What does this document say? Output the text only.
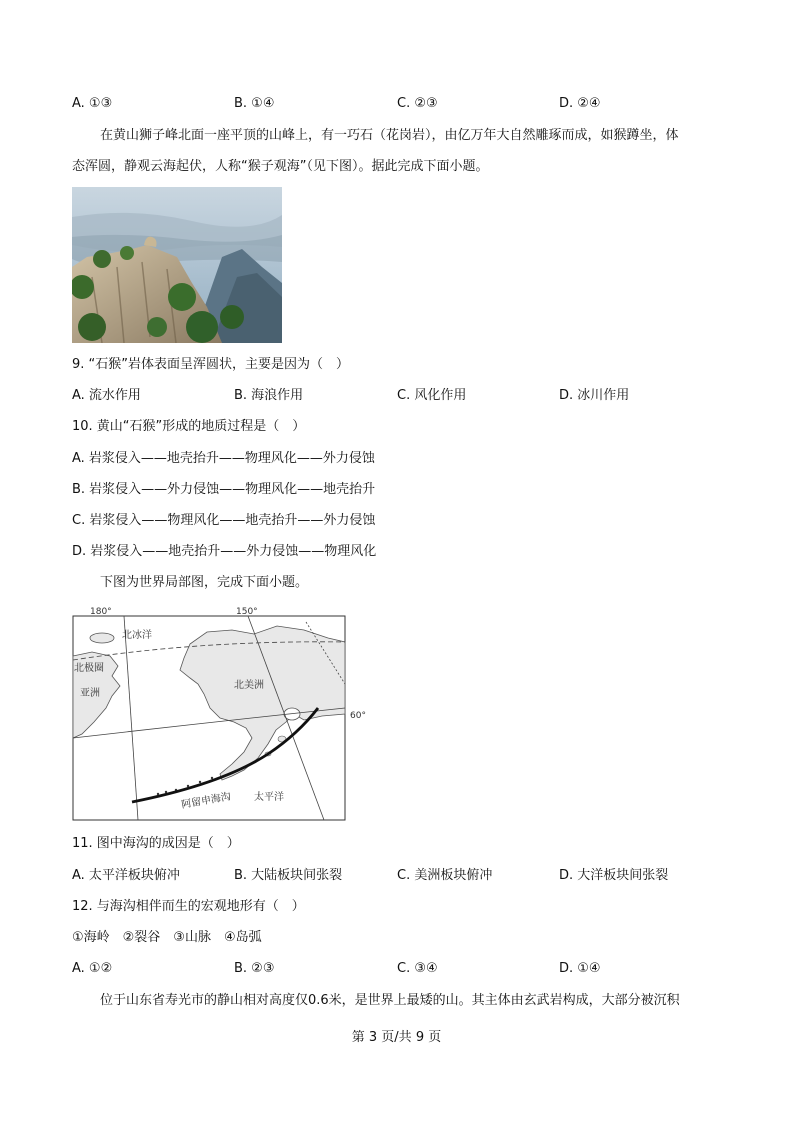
A. ①③	B. ①④	C. ②③	D. ②④
在黄山狮子峰北面一座平顶的山峰上，有一巧石（花岗岩），由亿万年大自然雕琢而成，如猴蹲坐，体
态浑圆，静观云海起伏，人称“猴子观海”（见下图）。据此完成下面小题。
9. “石猴”岩体表面呈浑圆状，主要是因为（　）
A. 流水作用	B. 海浪作用	C. 风化作用	D. 冰川作用
10. 黄山“石猴”形成的地质过程是（　）
A. 岩浆侵入——地壳抬升——物理风化——外力侵蚀
B. 岩浆侵入——外力侵蚀——物理风化——地壳抬升
C. 岩浆侵入——物理风化——地壳抬升——外力侵蚀
D. 岩浆侵入——地壳抬升——外力侵蚀——物理风化
下图为世界局部图，完成下面小题。
180°	150°
60°
北冰洋
北极圈
亚洲
北美洲
阿留申海沟 太平洋
11. 图中海沟的成因是（　）
A. 太平洋板块俯冲	B. 大陆板块间张裂	C. 美洲板块俯冲	D. 大洋板块间张裂
12. 与海沟相伴而生的宏观地形有（　）
①海岭　②裂谷　③山脉　④岛弧
A. ①②	B. ②③	C. ③④	D. ①④
位于山东省寿光市的静山相对高度仅0.6米，是世界上最矮的山。其主体由玄武岩构成，大部分被沉积
第 3 页/共 9 页
